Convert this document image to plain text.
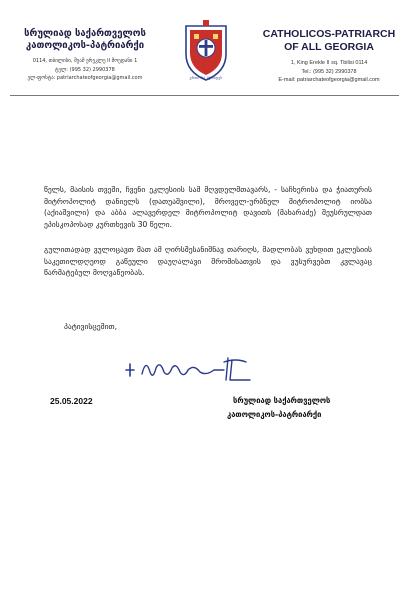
სრულიად საქართველოს
კათოლიკოს-პატრიარქი
0114, თბილისი, შუამ ერეკლე II მოედანი 1
ტელ: (995 32) 2990378
ელ-ფოსტა: patriarchateofgeorgia@gmail.com	ერთი რა ჰქონდეს
CATHOLICOS-PATRIARCH
OF ALL GEORGIA
1, King Erekle II sq. Tbilisi 0114
Tel.: (995 32) 2990378
E-mail: patriarchateofgeorgia@gmail.com
წელს, მაისის თვეში, ჩვენი ეკლესიის სამ მღვდელმთავარს, - საჩხერისა და ჭიათურის მიტროპოლიტ დანიელს (დათუაშვილი), მროველ-ურბნელ მიტროპოლიტ იობსა (აქიაშვილი) და აბბა ალავერდელ მიტროპოლიტ დავითს (მახარაძე) შეუსრულდათ ეპისკოპოსად კურთხევის 30 წელი.
გულითადად ვულოცავთ მათ ამ ღირსშესანიშნავ თარიღს, მადლობას ვუხდით ეკლესიის საკეთილდღეოდ გაწეული დაუღალავი შრომისათვის და ვუსურვებთ კვლავაც წარმატებულ მოღვაწეობას.
პატივისცემით,
25.05.2022	სრულიად საქართველოს
კათოლიკოს-პატრიარქი
